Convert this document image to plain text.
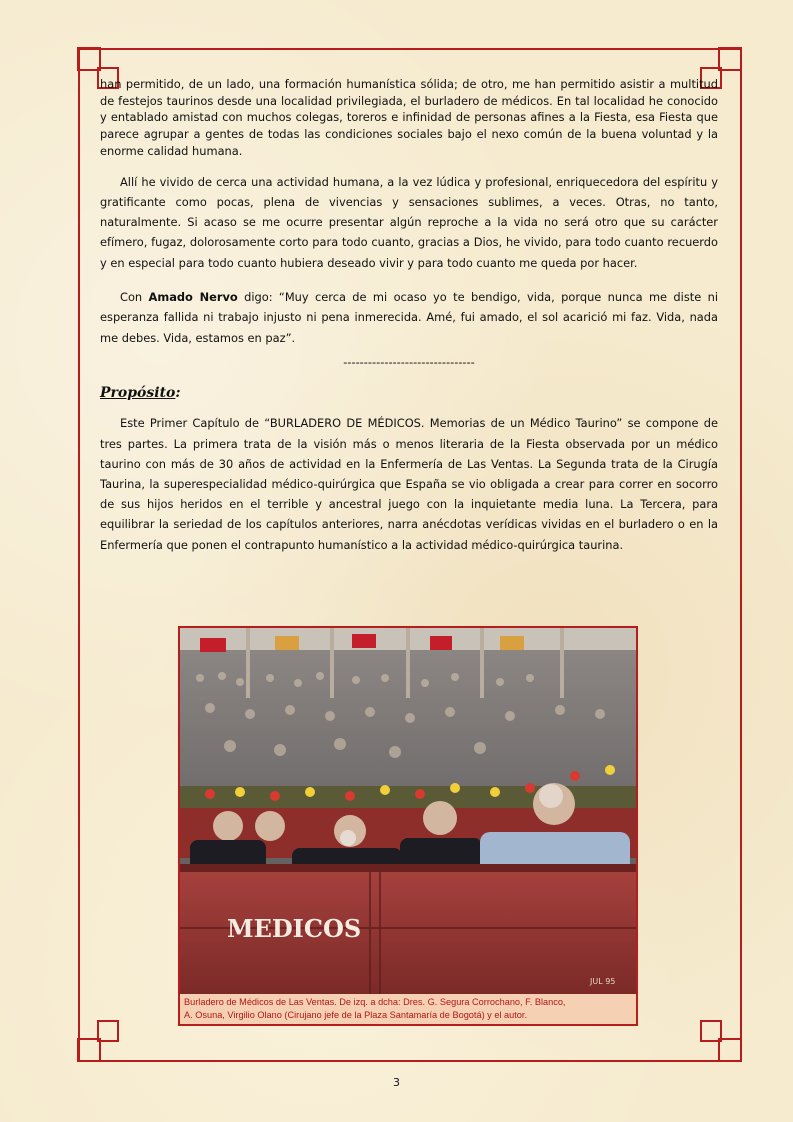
han permitido, de un lado, una formación humanística sólida; de otro, me han permitido asistir a multitud de festejos taurinos desde una localidad privilegiada, el burladero de médicos. En tal localidad he conocido y entablado amistad con muchos colegas, toreros e infinidad de personas afines a la Fiesta, esa Fiesta que parece agrupar a gentes de todas las condiciones sociales bajo el nexo común de la buena voluntad y la enorme calidad humana.

Allí he vivido de cerca una actividad humana, a la vez lúdica y profesional, enriquecedora del espíritu y gratificante como pocas, plena de vivencias y sensaciones sublimes, a veces. Otras, no tanto, naturalmente. Si acaso se me ocurre presentar algún reproche a la vida no será otro que su carácter efímero, fugaz, dolorosamente corto para todo cuanto, gracias a Dios, he vivido, para todo cuanto recuerdo y en especial para todo cuanto hubiera deseado vivir y para todo cuanto me queda por hacer.

Con Amado Nervo digo: “Muy cerca de mi ocaso yo te bendigo, vida, porque nunca me diste ni esperanza fallida ni trabajo injusto ni pena inmerecida. Amé, fui amado, el sol acarició mi faz. Vida, nada me debes. Vida, estamos en paz”.

--------------------------------

Propósito:

Este Primer Capítulo de “BURLADERO DE MÉDICOS. Memorias de un Médico Taurino” se compone de tres partes. La primera trata de la visión más o menos literaria de la Fiesta observada por un médico taurino con más de 30 años de actividad en la Enfermería de Las Ventas. La Segunda trata de la Cirugía Taurina, la superespecialidad médico-quirúrgica que España se vio obligada a crear para correr en socorro de sus hijos heridos en el terrible y ancestral juego con la inquietante media luna. La Tercera, para equilibrar la seriedad de los capítulos anteriores, narra anécdotas verídicas vividas en el burladero o en la Enfermería que ponen el contrapunto humanístico a la actividad médico-quirúrgica taurina.

MEDICOS
JUL 95
Burladero de Médicos de Las Ventas. De izq. a dcha: Dres. G. Segura Corrochano, F. Blanco,
A. Osuna, Virgilio Olano (Cirujano jefe de la Plaza Santamaría de Bogotá) y el autor.
3
